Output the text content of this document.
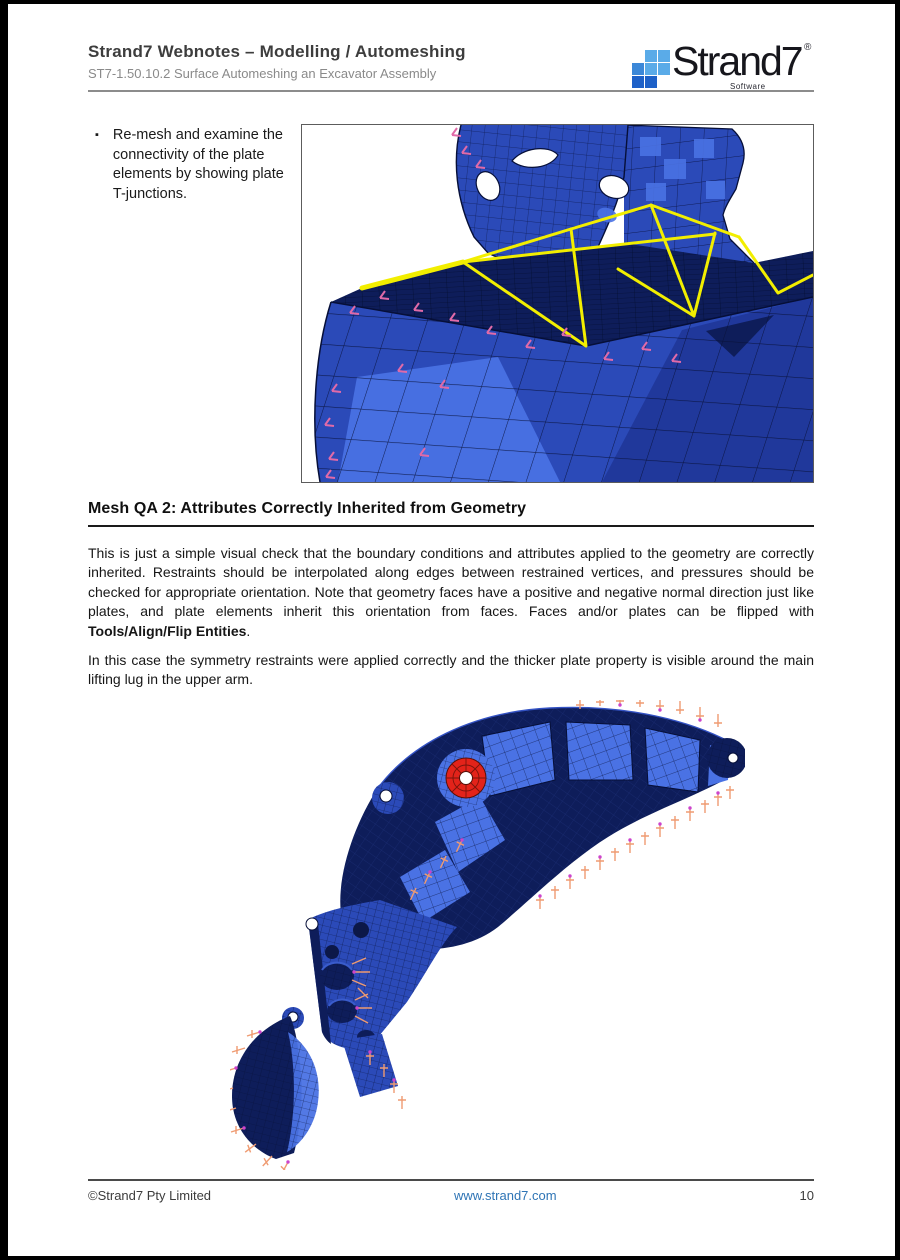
Strand7 Webnotes – Modelling / Automeshing
ST7-1.50.10.2 Surface Automeshing an Excavator Assembly	Strand7
Software
®
▪ Re-mesh and examine the connectivity of the plate elements by showing plate T-junctions.
Mesh QA 2: Attributes Correctly Inherited from Geometry
This is just a simple visual check that the boundary conditions and attributes applied to the geometry are correctly inherited. Restraints should be interpolated along edges between restrained vertices, and pressures should be checked for appropriate orientation. Note that geometry faces have a positive and negative normal direction just like plates, and plate elements inherit this orientation from faces. Faces and/or plates can be flipped with Tools/Align/Flip Entities.
In this case the symmetry restraints were applied correctly and the thicker plate property is visible around the main lifting lug in the upper arm.
©Strand7 Pty Limited	www.strand7.com	10
